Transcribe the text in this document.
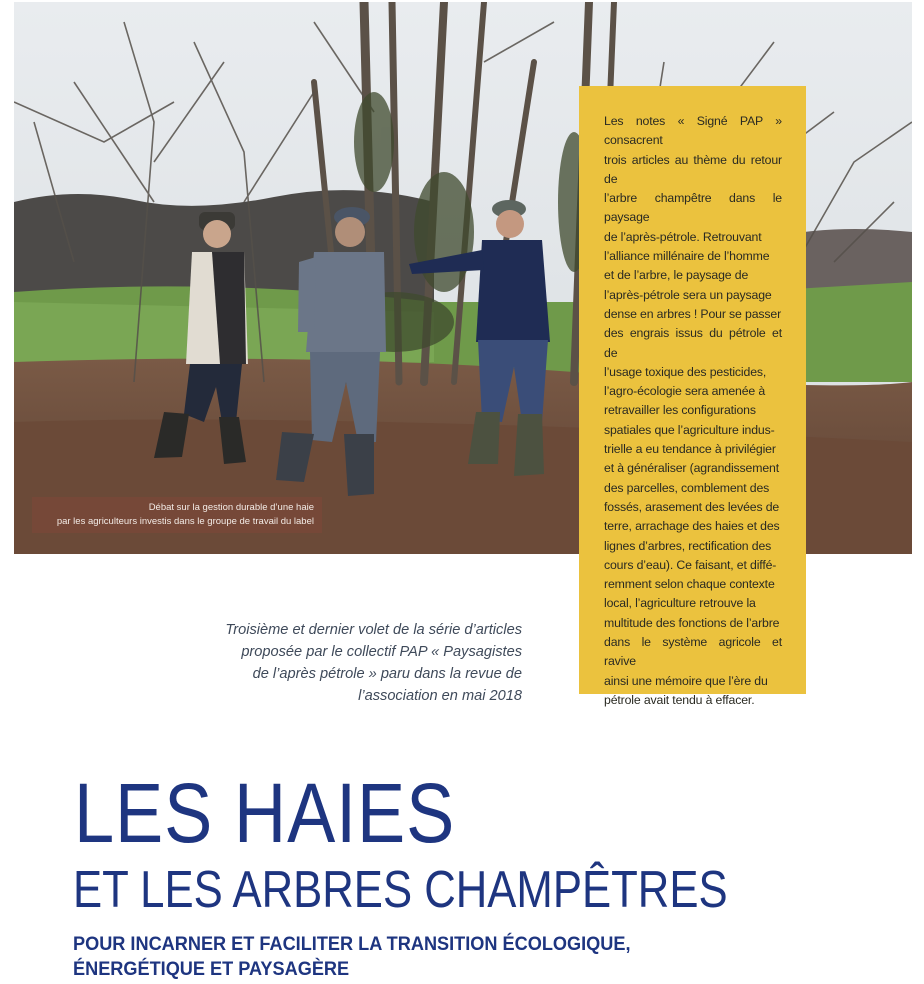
Débat sur la gestion durable d’une haie
par les agriculteurs investis dans le groupe de travail du label
Les notes « Signé PAP » consacrent
trois articles au thème du retour de
l’arbre champêtre dans le paysage
de l’après-pétrole. Retrouvant
l’alliance millénaire de l’homme
et de l’arbre, le paysage de
l’après-pétrole sera un paysage
dense en arbres ! Pour se passer
des engrais issus du pétrole et de
l’usage toxique des pesticides,
l’agro-écologie sera amenée à
retravailler les configurations
spatiales que l’agriculture indus-
trielle a eu tendance à privilégier
et à généraliser (agrandissement
des parcelles, comblement des
fossés, arasement des levées de
terre, arrachage des haies et des
lignes d’arbres, rectification des
cours d’eau). Ce faisant, et diffé-
remment selon chaque contexte
local, l’agriculture retrouve la
multitude des fonctions de l’arbre
dans le système agricole et ravive
ainsi une mémoire que l’ère du
pétrole avait tendu à effacer.
Troisième et dernier volet de la série d’articles
proposée par le collectif PAP « Paysagistes
de l’après pétrole » paru dans la revue de
l’association en mai 2018
LES HAIES
ET LES ARBRES CHAMPÊTRES
POUR INCARNER ET FACILITER LA TRANSITION ÉCOLOGIQUE,
ÉNERGÉTIQUE ET PAYSAGÈRE
